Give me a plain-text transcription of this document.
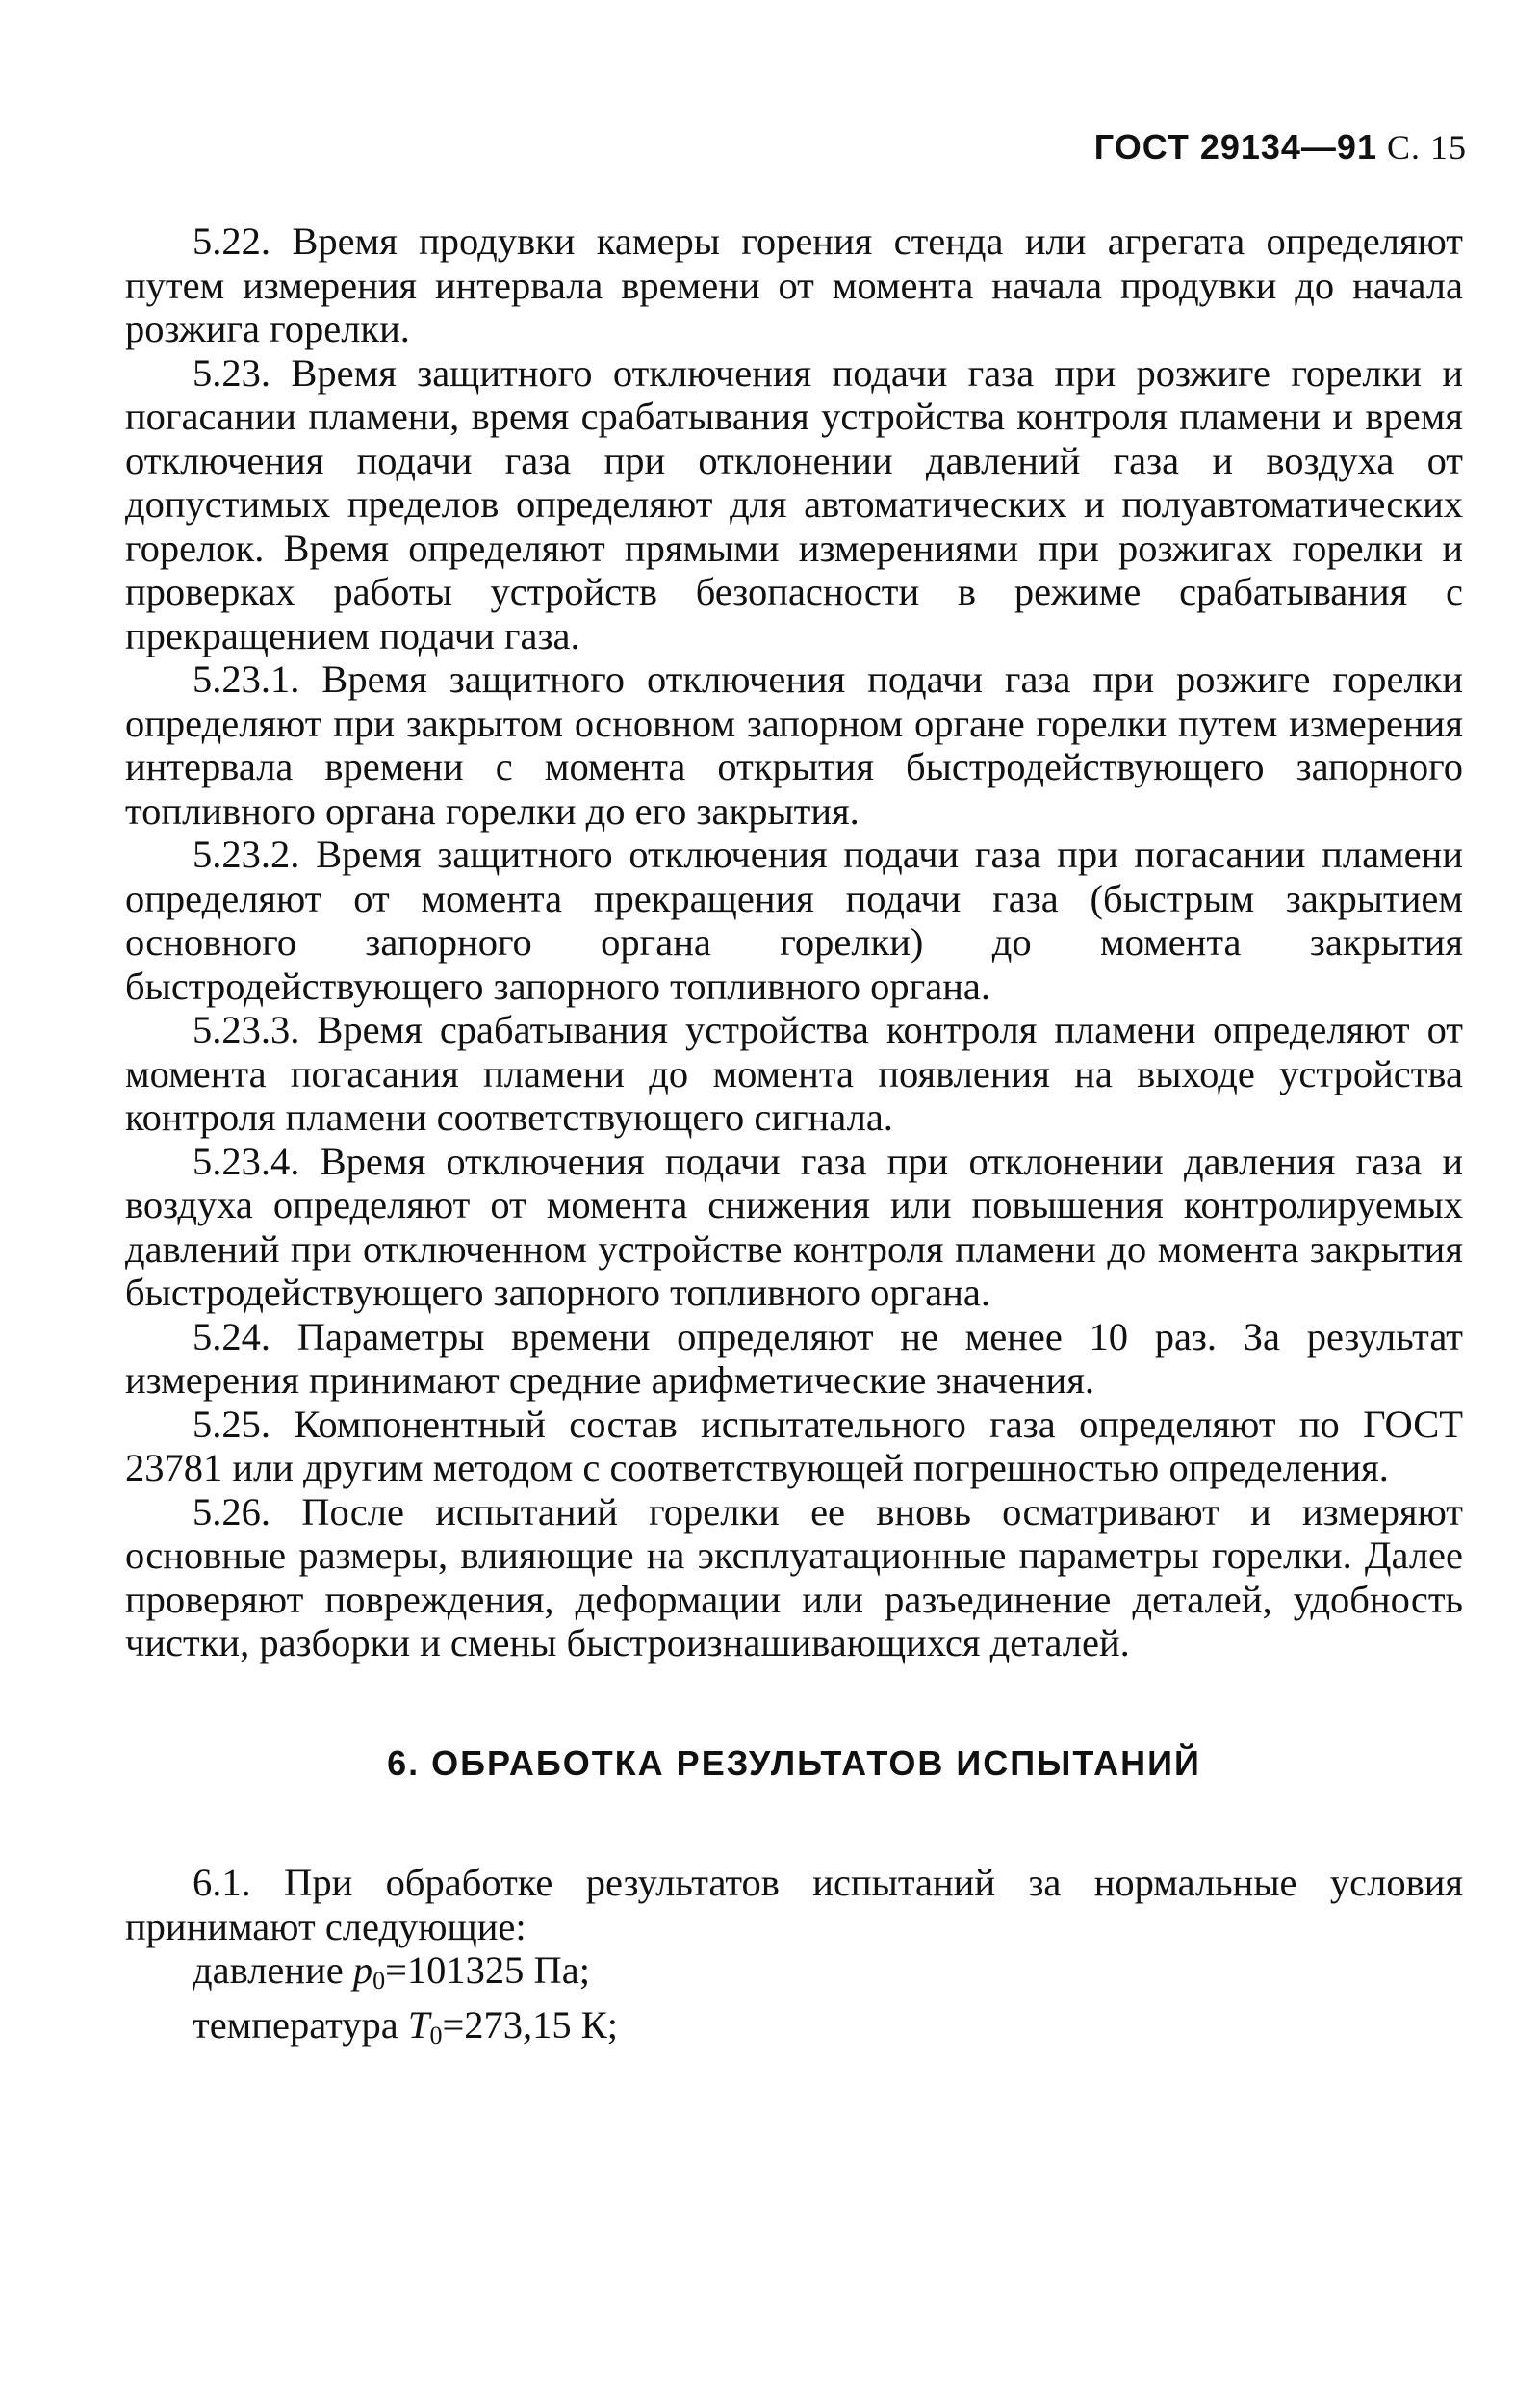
ГОСТ 29134—91 С. 15

5.22. Время продувки камеры горения стенда или агрегата определяют путем измерения интервала времени от момента начала продувки до начала розжига горелки.

5.23. Время защитного отключения подачи газа при розжиге горелки и погасании пламени, время срабатывания устройства контроля пламени и время отключения подачи газа при отклонении давлений газа и воздуха от допустимых пределов определяют для автоматических и полуавтоматических горелок. Время определяют прямыми измерениями при розжигах горелки и проверках работы устройств безопасности в режиме срабатывания с прекращением подачи газа.

5.23.1. Время защитного отключения подачи газа при розжиге горелки определяют при закрытом основном запорном органе горелки путем измерения интервала времени с момента открытия быстродействующего запорного топливного органа горелки до его закрытия.

5.23.2. Время защитного отключения подачи газа при погасании пламени определяют от момента прекращения подачи газа (быстрым закрытием основного запорного органа горелки) до момента закрытия быстродействующего запорного топливного органа.

5.23.3. Время срабатывания устройства контроля пламени определяют от момента погасания пламени до момента появления на выходе устройства контроля пламени соответствующего сигнала.

5.23.4. Время отключения подачи газа при отклонении давления газа и воздуха определяют от момента снижения или повышения контролируемых давлений при отключенном устройстве контроля пламени до момента закрытия быстродействующего запорного топливного органа.

5.24. Параметры времени определяют не менее 10 раз. За результат измерения принимают средние арифметические значения.

5.25. Компонентный состав испытательного газа определяют по ГОСТ 23781 или другим методом с соответствующей погрешностью определения.

5.26. После испытаний горелки ее вновь осматривают и измеряют основные размеры, влияющие на эксплуатационные параметры горелки. Далее проверяют повреждения, деформации или разъединение деталей, удобность чистки, разборки и смены быстроизнашивающихся деталей.

6. ОБРАБОТКА РЕЗУЛЬТАТОВ ИСПЫТАНИЙ

6.1. При обработке результатов испытаний за нормальные условия принимают следующие:

давление $p_0=101325$ Па;

температура $T_0=273,15$ К;
